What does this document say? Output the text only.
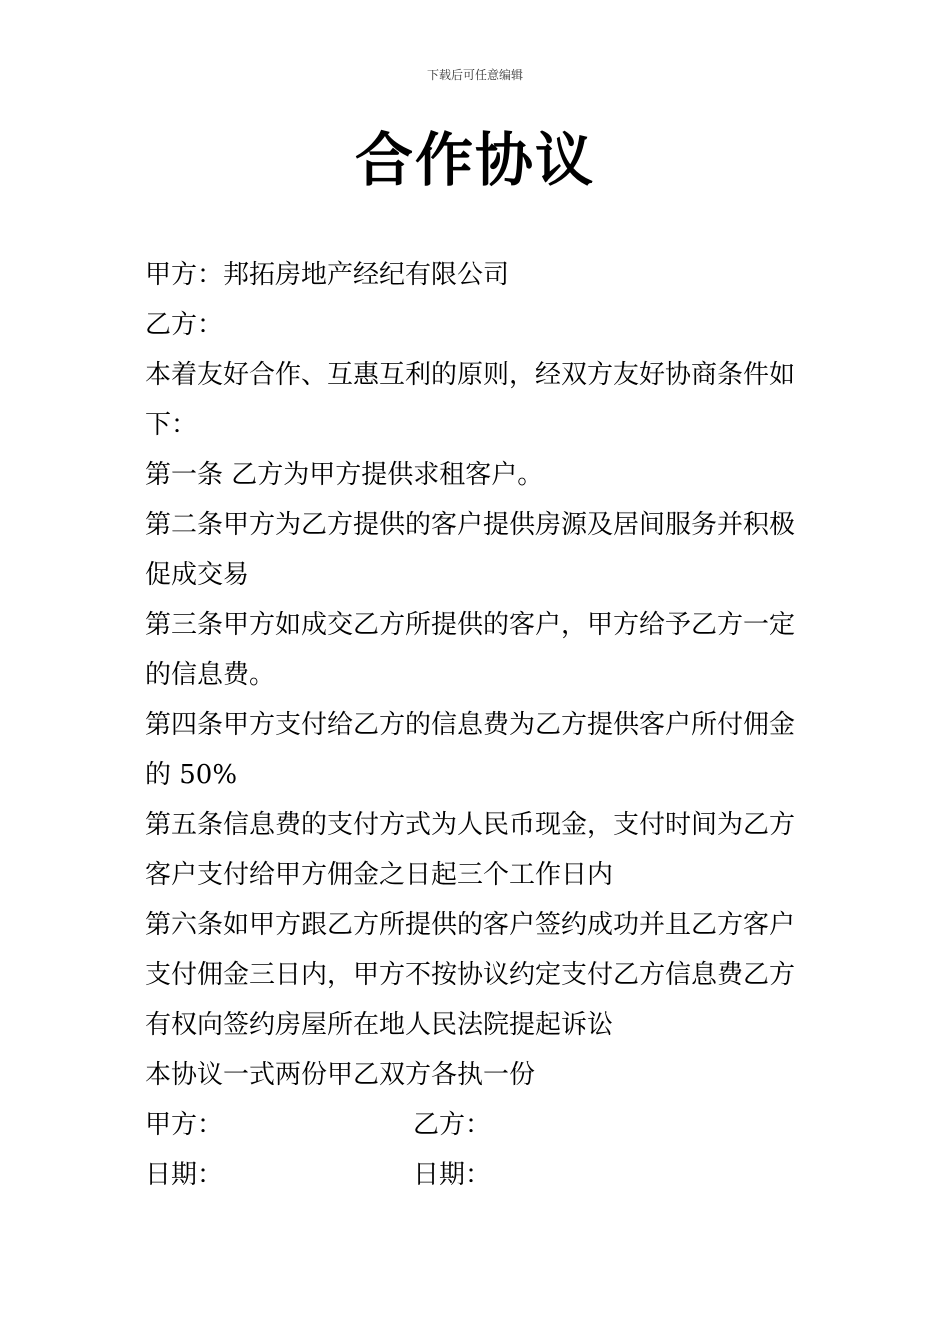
下载后可任意编辑
合作协议
甲方：邦拓房地产经纪有限公司
乙方：
本着友好合作、互惠互利的原则，经双方友好协商条件如
下：
第一条 乙方为甲方提供求租客户。
第二条甲方为乙方提供的客户提供房源及居间服务并积极
促成交易
第三条甲方如成交乙方所提供的客户，甲方给予乙方一定
的信息费。
第四条甲方支付给乙方的信息费为乙方提供客户所付佣金
的 50%
第五条信息费的支付方式为人民币现金，支付时间为乙方
客户支付给甲方佣金之日起三个工作日内
第六条如甲方跟乙方所提供的客户签约成功并且乙方客户
支付佣金三日内，甲方不按协议约定支付乙方信息费乙方
有权向签约房屋所在地人民法院提起诉讼
本协议一式两份甲乙双方各执一份
甲方：	乙方：
日期：	日期：
